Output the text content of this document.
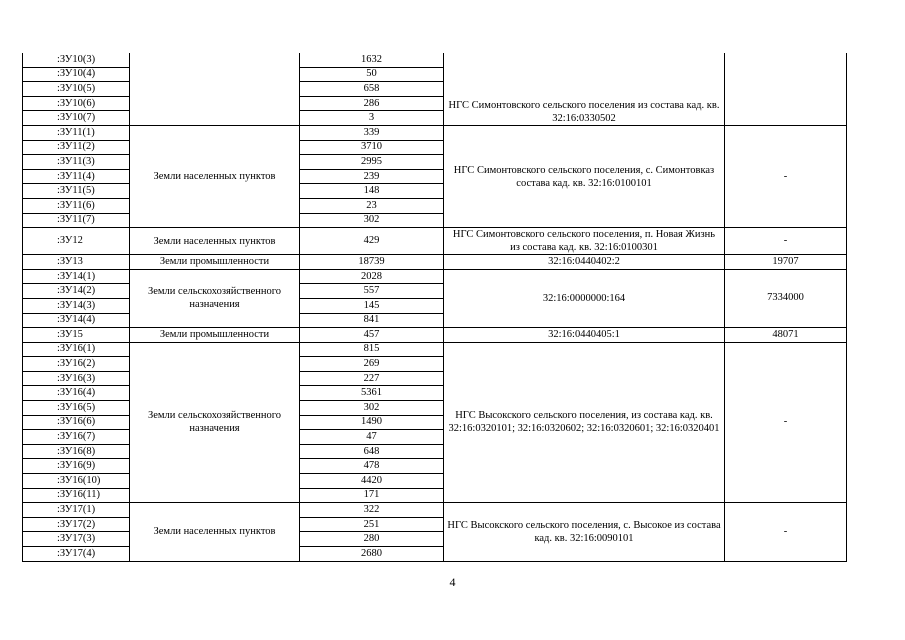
:ЗУ10(3)		1632	НГС Симонтовского сельского поселения из состава кад. кв. 32:16:0330502	
:ЗУ10(4)		50		
:ЗУ10(5)		658		
:ЗУ10(6)		286		
:ЗУ10(7)		3		
:ЗУ11(1)	Земли населенных пунктов	339	НГС Симонтовского сельского поселения, с. Симонтовказ состава кад. кв. 32:16:0100101	-
:ЗУ11(2)		3710		
:ЗУ11(3)		2995		
:ЗУ11(4)		239		
:ЗУ11(5)		148		
:ЗУ11(6)		23		
:ЗУ11(7)		302		
:ЗУ12	Земли населенных пунктов	429	НГС Симонтовского сельского поселения, п. Новая Жизнь из состава кад. кв. 32:16:0100301	-
:ЗУ13	Земли промышленности	18739	32:16:0440402:2	19707
:ЗУ14(1)	Земли сельскохозяйственного назначения	2028	32:16:0000000:164	7334000
:ЗУ14(2)		557		
:ЗУ14(3)		145		
:ЗУ14(4)		841		
:ЗУ15	Земли промышленности	457	32:16:0440405:1	48071
:ЗУ16(1)	Земли сельскохозяйственного назначения	815	НГС Высокского сельского поселения, из состава кад. кв. 32:16:0320101; 32:16:0320602; 32:16:0320601; 32:16:0320401	-
:ЗУ16(2)		269		
:ЗУ16(3)		227		
:ЗУ16(4)		5361		
:ЗУ16(5)		302		
:ЗУ16(6)		1490		
:ЗУ16(7)		47		
:ЗУ16(8)		648		
:ЗУ16(9)		478		
:ЗУ16(10)		4420		
:ЗУ16(11)		171		
:ЗУ17(1)	Земли населенных пунктов	322	НГС Высокского сельского поселения, с. Высокое из состава кад. кв. 32:16:0090101	-
:ЗУ17(2)		251		
:ЗУ17(3)		280		
:ЗУ17(4)		2680		
4
